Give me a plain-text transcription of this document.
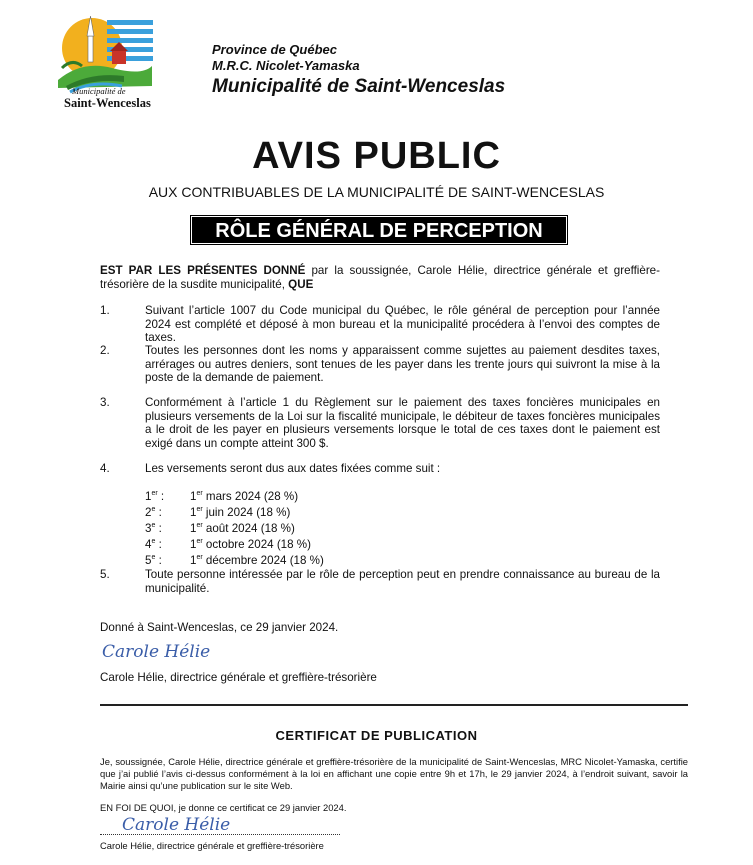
Municipalité de
Saint-Wenceslas
Province de Québec
M.R.C. Nicolet-Yamaska
Municipalité de Saint-Wenceslas
AVIS PUBLIC
AUX CONTRIBUABLES DE LA MUNICIPALITÉ DE SAINT-WENCESLAS
RÔLE GÉNÉRAL DE PERCEPTION
EST PAR LES PRÉSENTES DONNÉ par la soussignée, Carole Hélie, directrice générale et greffière-trésorière de la susdite municipalité, QUE
1.	Suivant l’article 1007 du Code municipal du Québec, le rôle général de perception pour l’année 2024 est complété et déposé à mon bureau et la municipalité procédera à l’envoi des comptes de taxes.
2.	Toutes les personnes dont les noms y apparaissent comme sujettes au paiement desdites taxes, arrérages ou autres deniers, sont tenues de les payer dans les trente jours qui suivront la mise à la poste de la demande de paiement.
3.	Conformément à l’article 1 du Règlement sur le paiement des taxes foncières municipales en plusieurs versements de la Loi sur la fiscalité municipale, le débiteur de taxes foncières municipales a le droit de les payer en plusieurs versements lorsque le total de ces taxes dont le paiement est exigé dans un compte atteint 300 $.
4.	Les versements seront dus aux dates fixées comme suit :
1er :	1er mars 2024 (28 %)
2e :	1er juin 2024 (18 %)
3e :	1er août 2024 (18 %)
4e :	1er octobre 2024 (18 %)
5e :	1er décembre 2024 (18 %)
5.	Toute personne intéressée par le rôle de perception peut en prendre connaissance au bureau de la municipalité.
Donné à Saint-Wenceslas, ce 29 janvier 2024.
Carole Hélie
Carole Hélie, directrice générale et greffière-trésorière
CERTIFICAT DE PUBLICATION
Je, soussignée, Carole Hélie, directrice générale et greffière-trésorière de la municipalité de Saint-Wenceslas, MRC Nicolet-Yamaska, certifie que j’ai publié l’avis ci-dessus conformément à la loi en affichant une copie entre 9h et 17h, le 29 janvier 2024, à l’endroit suivant, savoir la Mairie ainsi qu’une publication sur le site Web.
EN FOI DE QUOI, je donne ce certificat ce 29 janvier 2024.
Carole Hélie
Carole Hélie, directrice générale et greffière-trésorière
